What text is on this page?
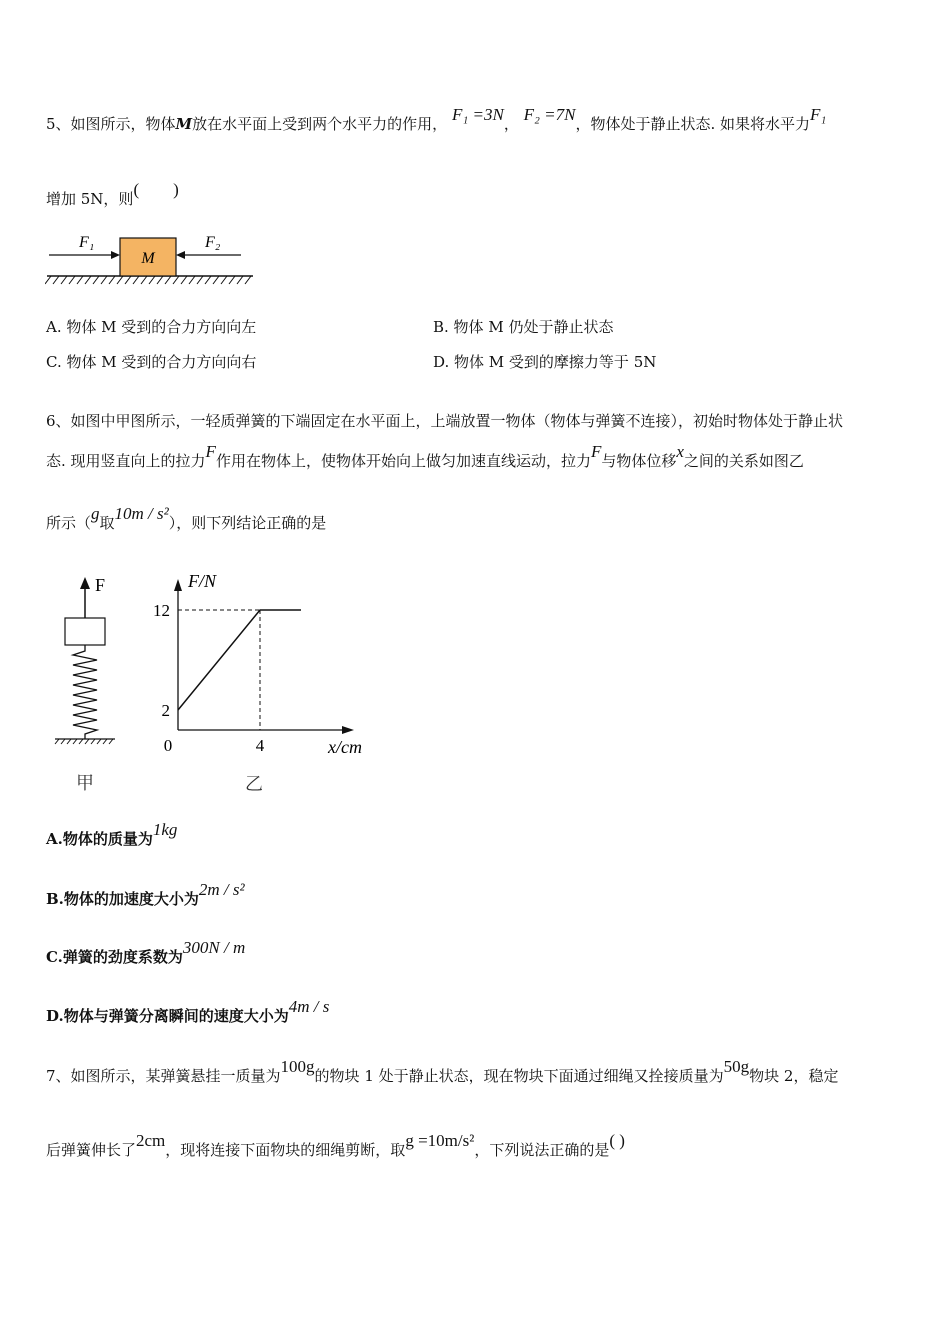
5、如图所示，物体M放在水平面上受到两个水平力的作用， F₁ =3N， F₂ =7N，物体处于静止状态. 如果将水平力F₁
增加 5N，则(　　)
M
F₁	F₂
A. 物体 M 受到的合力方向向左	B. 物体 M 仍处于静止状态
C. 物体 M 受到的合力方向向右	D. 物体 M 受到的摩擦力等于 5N
6、如图中甲图所示，一轻质弹簧的下端固定在水平面上，上端放置一物体（物体与弹簧不连接），初始时物体处于静止状
态. 现用竖直向上的拉力F作用在物体上，使物体开始向上做匀加速直线运动，拉力F与物体位移x之间的关系如图乙
所示（g取10m / s²），则下列结论正确的是
F
甲
F/N
x/cm
12
2
0	4
乙
A.物体的质量为1kg
B.物体的加速度大小为2m / s²
C.弹簧的劲度系数为300N / m
D.物体与弹簧分离瞬间的速度大小为4m / s
7、如图所示，某弹簧悬挂一质量为100g的物块 1 处于静止状态，现在物块下面通过细绳又拴接质量为50g物块 2，稳定
后弹簧伸长了2cm，现将连接下面物块的细绳剪断，取g =10m/s²，下列说法正确的是( )
